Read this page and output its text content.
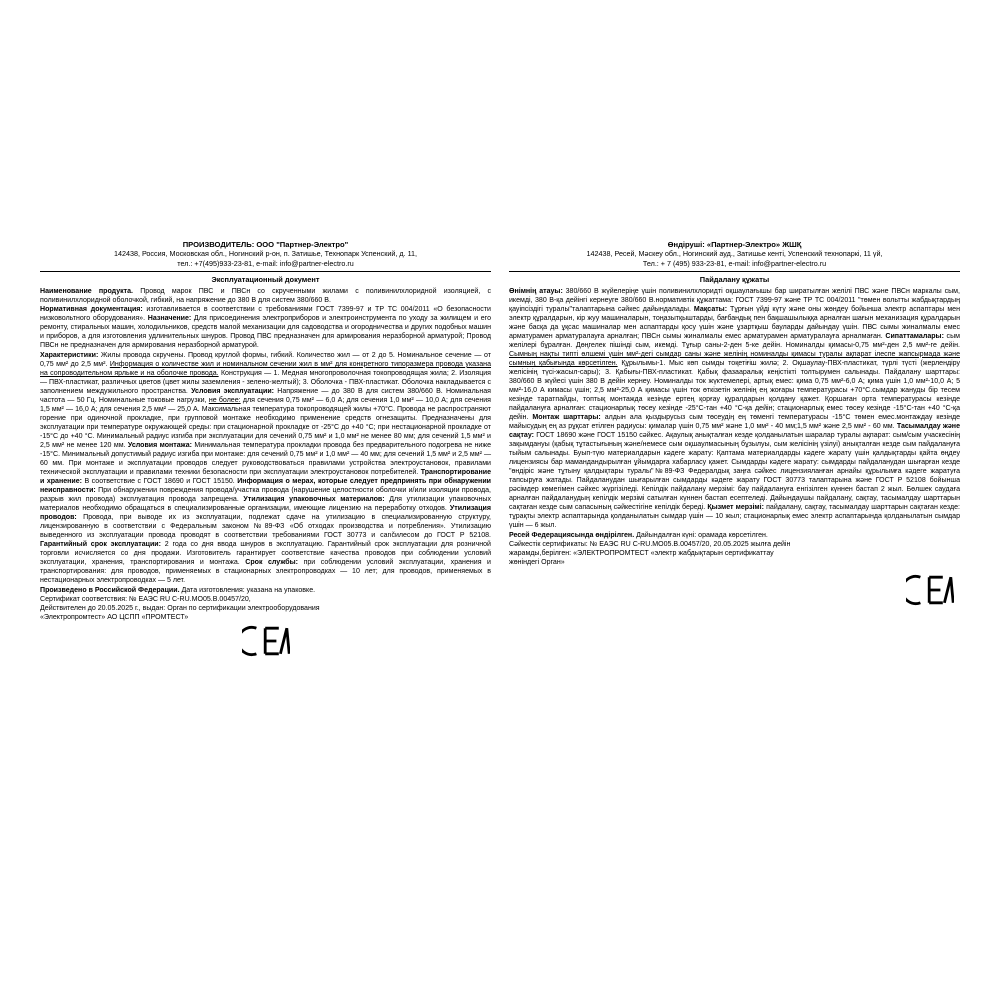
ПРОИЗВОДИТЕЛЬ: ООО "Партнер-Электро"
142438, Россия, Московская обл., Ногинский р-он, п. Затишье, Технопарк Успенский, д. 11,
тел.: +7(495)933-23-81, e-mail: info@partner-electro.ru
Эксплуатационный документ

Наименование продукта. Провод марок ПВС и ПВСн со скрученными жилами с поливинилхлоридной изоляцией, с поливинилхлоридной оболочкой, гибкий, на напряжение до 380 В для систем 380/660 В.

Нормативная документация: изготавливается в соответствии с требованиями ГОСТ 7399-97 и ТР ТС 004/2011 «О безопасности низковольтного оборудования». Назначение: Для присоединения электроприборов и электроинструмента по уходу за жилищем и его ремонту, стиральных машин, холодильников, средств малой механизации для садоводства и огородничества и других подобных машин и приборов, а для изготовления удлинительных шнуров. Провод ПВС предназначен для армирования неразборной арматурой; Провод ПВСн не предназначен для армирования неразборной арматурой.

Характеристики: Жилы провода скручены. Провод круглой формы, гибкий. Количество жил — от 2 до 5. Номинальное сечение — от 0,75 мм² до 2,5 мм². Информация о количестве жил и номинальном сечении жил в мм² для конкретного типоразмера провода указана на сопроводительном ярлыке и на оболочке провода. Конструкция — 1. Медная многопроволочная токопроводящая жила; 2. Изоляция — ПВХ-пластикат, различных цветов (цвет жилы заземления - зелено-желтый); 3. Оболочка - ПВХ-пластикат. Оболочка накладывается с заполнением междужильного пространства. Условия эксплуатации: Напряжение — до 380 В для систем 380/660 В. Номинальная частота — 50 Гц. Номинальные токовые нагрузки, не более: для сечения 0,75 мм² — 6,0 А; для сечения 1,0 мм² — 10,0 А; для сечения 1,5 мм² — 16,0 А; для сечения 2,5 мм² — 25,0 А. Максимальная температура токопроводящей жилы +70°С. Провода не распространяют горение при одиночной прокладке, при групповой монтаже необходимо применение средств огнезащиты. Предназначены для эксплуатации при температуре окружающей среды: при стационарной прокладке от -25°С до +40 °С; при нестационарной прокладке от -15°С до +40 °С. Минимальный радиус изгиба при эксплуатации для сечений 0,75 мм² и 1,0 мм² не менее 80 мм; для сечений 1,5 мм² и 2,5 мм² не менее 120 мм. Условия монтажа: Минимальная температура прокладки провода без предварительного подогрева не ниже -15°С. Минимальный допустимый радиус изгиба при монтаже: для сечений 0,75 мм² и 1,0 мм² — 40 мм; для сечений 1,5 мм² и 2,5 мм² — 60 мм. При монтаже и эксплуатации проводов следует руководствоваться правилами устройства электроустановок, правилами технической эксплуатации и правилами техники безопасности при эксплуатации электроустановок потребителей. Транспортирование и хранение: В соответствие с ГОСТ 18690 и ГОСТ 15150. Информация о мерах, которые следует предпринять при обнаружении неисправности: При обнаружении повреждения провода/участка провода (нарушение целостности оболочки и/или изоляции провода, разрыв жил провода) эксплуатация провода запрещена. Утилизация упаковочных материалов: Для утилизации упаковочных материалов необходимо обращаться в специализированные организации, имеющие лицензию на переработку отходов. Утилизация проводов: Провода, при выводе их из эксплуатации, подлежат сдаче на утилизацию в специализированную структуру, лицензированную в соответствии с Федеральным законом №89-ФЗ «Об отходах производства и потребления». Утилизацию выведенного из эксплуатации провода проводят в соответствии требованиями ГОСТ 30773 и сančилесом до ГОСТ Р 52108. Гарантийный срок эксплуатации: 2 года со дня ввода шнуров в эксплуатацию. Гарантийный срок эксплуатации для розничной торговли исчисляется со дня продажи. Изготовитель гарантирует соответствие качества проводов при соблюдении условий эксплуатации, хранения, транспортирования и монтажа. Срок службы: при соблюдении условий эксплуатации, хранения и транспортирования: для проводов, применяемых в стационарных электропроводках — 10 лет; для проводов, применяемых в нестационарных электропроводках — 5 лет.

Произведено в Российской Федерации. Дата изготовления: указана на упаковке.

Сертификат соответствия: № ЕАЭС RU C-RU.МО05.В.00457/20,
Действителен до 20.05.2025 г., выдан: Орган по сертификации электрооборудования
«Электропромтест» АО ЦСПП «ПРОМТЕСТ»
Өндіруші: «Партнер-Электро» ЖШҚ
142438, Ресей, Мәскеу обл., Ногинский ауд., Затишье кенті, Успенский технопаркі, 11 үй,
Тел.: + 7 (495) 933-23-81, e-mail: info@partner-electro.ru
Пайдалану құжаты

Өнімнің атауы: 380/660 В жүйелеріңе үшін поливинилхлоридті оқшаулағышы бар ширатылған желілі ПВС және ПВСн маркалы сым, икемді, 380 В-қа дейінгі кернеуге 380/660 В.нормативтік құжаттама: ГОСТ 7399-97 және ТР ТС 004/2011 "төмен вольтты жабдықтардың қауіпсіздігі туралы"талаптарына сәйкес дайындалады. Мақсаты: Тұрғын үйді күту және оны жөндеу бойынша электр аспаптары мен электр құралдарын, кір жуу машиналарын, тоңазытқыштарды, бағбандық пен бақшашылыққа арналған шағын механизация құралдарын және басқа да ұқсас машиналар мен аспаптарды қосу үшін және ұзартқыш бауларды дайындау үшін. ПВС сымы жиналмалы емес арматурамен арматуралауға арналған; ПВСн сымы жиналмалы емес арматурамен арматуралауға арналмаған. Сипаттамалары: сым желілері бұралған. Дөңгелек пішінді сым, икемді. Тұғыр саны-2-ден 5-ке дейін. Номиналды қимасы-0,75 мм²-ден 2,5 мм²-ге дейін. Сымның нақты типті өлшемі үшін мм²-дегі сымдар саны және желінің номиналды қимасы туралы ақпарат ілеспе жапсырмада және сымның қабығында көрсетілген. Құрылымы-1. Мыс көп сымды тоқетіғіш жилә; 2. Оқшаулау-ПВХ-пластикат, түрлі түсті (жерлендіру желісінің түсі-жасыл-сары); 3. Қабығы-ПВХ-пластикат. Қабық фазааралық кеңістікті толтырумен салынады. Пайдалану шарттары: 380/660 В жүйесі үшін 380 В дейін кернеу. Номиналды ток жүктемелері, артық емес: қима 0,75 мм²-6,0 А; қима үшін 1,0 мм²-10,0 А; 5 мм²-16,0 А кимасы үшін; 2,5 мм²-25,0 А қимасы үшін ток өткізетін желінің ең жоғары температурасы +70°С.сымдар жануды бір тесем кезінде таратпайды, топтық монтажда кезінде ертең қорғау құралдарын қолдану қажет. Қоршаған орта температурасы кезінде пайдалануға арналған: стационарлық төсеу кезінде -25°С-тан +40 °С-қа дейін; стационарлық емес төсеу кезінде -15°С-тан +40 °С-қа дейін. Монтаж шарттары: алдын ала қыздырусыз сым төсеудің ең төменгі температурасы -15°С төмен емес.монтаждау кезінде майысудың ең аз рұқсат етілген радиусы: қималар үшін 0,75 мм² және 1,0 мм² - 40 мм;1,5 мм² және 2,5 мм² - 60 мм. Тасымалдау және сақтау: ГОСТ 18690 және ГОСТ 15150 сәйкес. Ақаулық анықталған кезде қолданылатын шаралар туралы ақпарат: сым/сым учаскесінің зақымдануы (қабық тұтастығының және/немесе сым оқшаулмасының бұзылуы, сым желісінің үзілуі) анықталған кезде сым пайдалануға тыйым салынады. Буып-түю материалдарын кәдеге жарату: Қаптама материалдарды кәдеге жарату үшін қалдықтарды қайта өңдеу лицензиясы бар мамандандырылған ұйымдарға хабарласу қажет. Сымдарды кәдеге жарату: сымдарды пайдаланудан шығарған кезде "өндіріс және тұтыну қалдықтары туралы"№89-ФЗ Федералдық заңға сәйкес лицензияланған арнайы құрылымға кәдеге жаратуға тапсыруға жатады. Пайдаланудан шығарылған сымдарды кәдеге жарату ГОСТ 30773 талаптарына және ГОСТ Р 52108 бойынша рәсімдер көмегімен сәйкес жүргізіледі. Кепілдік пайдалану мерзімі: бау пайдалануға енгізілген күннен бастап 2 жыл. Бөлшек саудаға арналған пайдаланудың кепілдік мерзімі сатылған күннен бастап есептеледі. Дайындаушы пайдалану, сақтау, тасымалдау шарттарын сақтаған кезде сым сапасының сәйкестігіне кепілдік береді. Қызмет мерзімі: пайдалану, сақтау, тасымалдау шарттарын сақтаған кезде: тұрақты электр аспаптарында қолданылатын сымдар үшін — 10 жыл; стационарлық емес электр аспаптарында қолданылатын сымдар үшін — 6 жыл.

Ресей Федерациясында өндірілген. Дайындалған күні: орамада көрсетілген.

Сәйкестік сертификаты: № ЕАЭС RU C-RU.МО05.В.00457/20, 20.05.2025 жылға дейін
жарамды,берілген: «ЭЛЕКТРОПРОМТЕСТ «электр жабдықтарын сертификаттау
жөніндегі Орган»
